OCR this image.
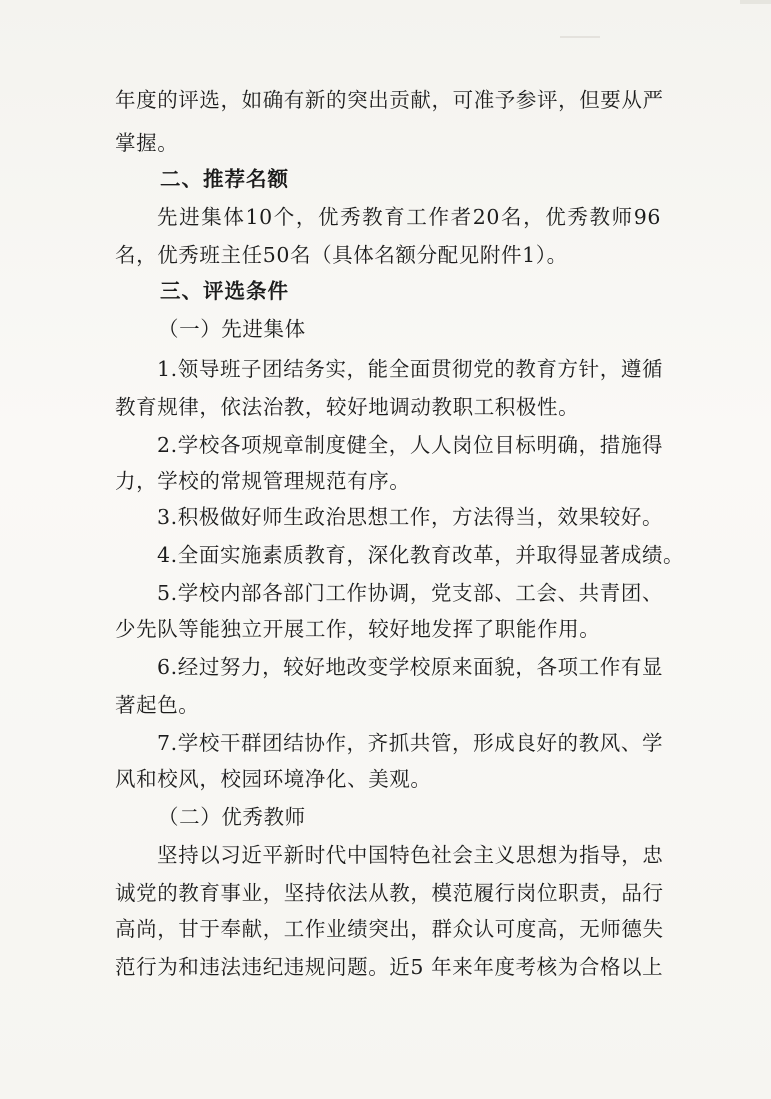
年度的评选，如确有新的突出贡献，可准予参评，但要从严
掌握。
二、推荐名额
先进集体10个，优秀教育工作者20名，优秀教师96
名，优秀班主任50名（具体名额分配见附件1）。
三、评选条件
（一）先进集体
1.领导班子团结务实，能全面贯彻党的教育方针，遵循
教育规律，依法治教，较好地调动教职工积极性。
2.学校各项规章制度健全，人人岗位目标明确，措施得
力，学校的常规管理规范有序。
3.积极做好师生政治思想工作，方法得当，效果较好。
4.全面实施素质教育，深化教育改革，并取得显著成绩。
5.学校内部各部门工作协调，党支部、工会、共青团、
少先队等能独立开展工作，较好地发挥了职能作用。
6.经过努力，较好地改变学校原来面貌，各项工作有显
著起色。
7.学校干群团结协作，齐抓共管，形成良好的教风、学
风和校风，校园环境净化、美观。
（二）优秀教师
坚持以习近平新时代中国特色社会主义思想为指导，忠
诚党的教育事业，坚持依法从教，模范履行岗位职责，品行
高尚，甘于奉献，工作业绩突出，群众认可度高，无师德失
范行为和违法违纪违规问题。近5 年来年度考核为合格以上
